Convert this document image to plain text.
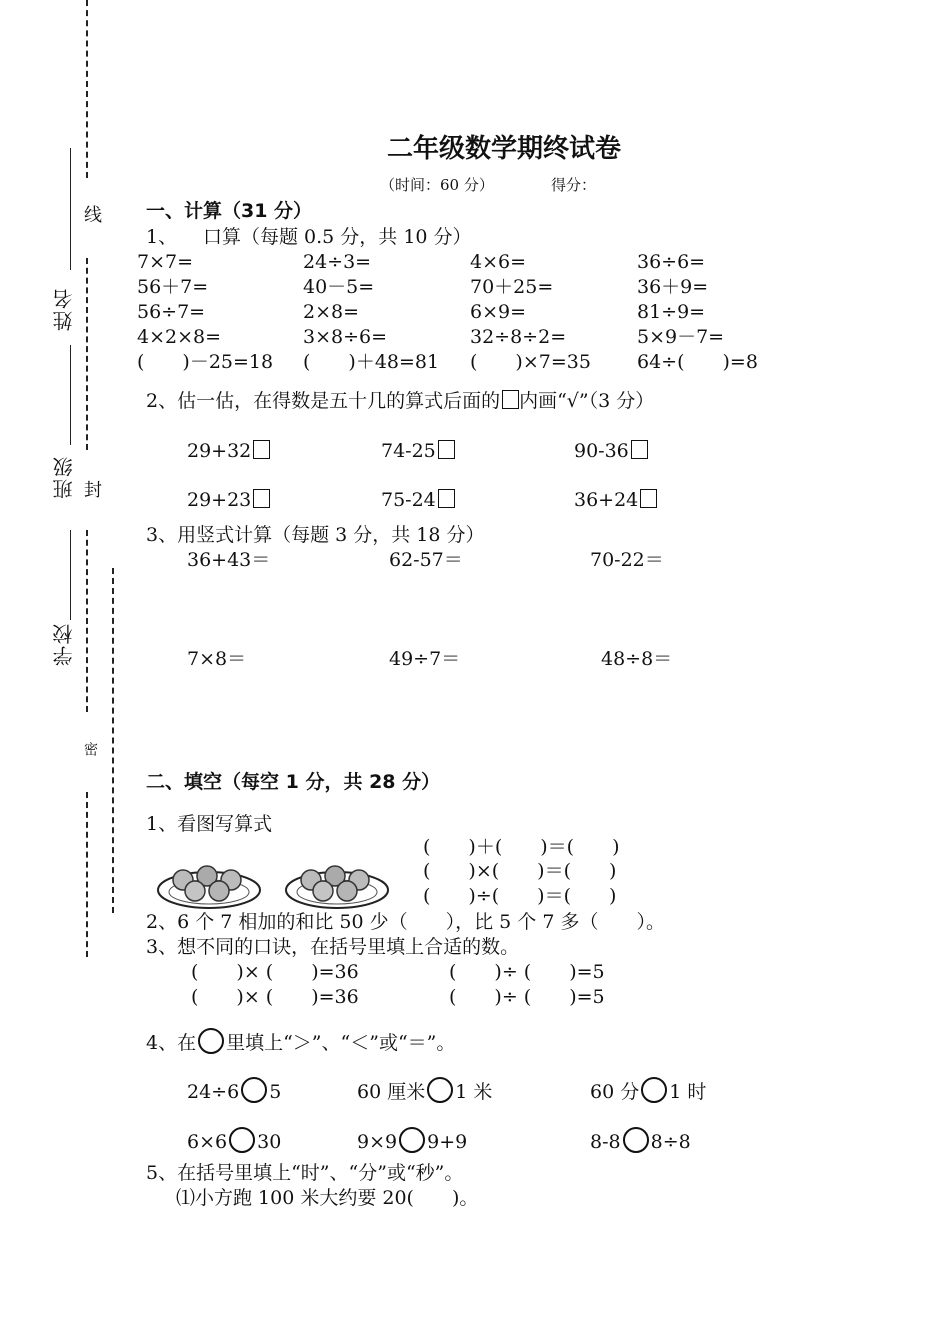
姓名
班级
学校
线
封
密
二年级数学期终试卷
（时间：60 分）	得分：
一、计算（31 分）
1、 口算（每题 0.5 分，共 10 分）
7×7=	24÷3=	4×6=	36÷6=
56＋7=	40－5=	70＋25=	36＋9=
56÷7=	2×8=	6×9=	81÷9=
4×2×8=	3×8÷6=	32÷8÷2=	5×9－7=
(　　)－25=18 (　　)＋48=81 (　　)×7=35 64÷(　　)=8
2、估一估，在得数是五十几的算式后面的 内画“√”（3 分）
29+32	74-25	90-36
29+23	75-24	36+24
3、用竖式计算（每题 3 分，共 18 分）
36+43＝	62-57＝	70-22＝
7×8＝	49÷7＝	48÷8＝
二、填空（每空 1 分，共 28 分）
1、看图写算式
(　　)＋(　　)＝(　　)
(　　)×(　　)＝(　　)
(　　)÷(　　)＝(　　)
2、6 个 7 相加的和比 50 少（　　），比 5 个 7 多（　　）。
3、想不同的口诀，在括号里填上合适的数。
(　　)× (　　)=36	(　　)÷ (　　)=5
(　　)× (　　)=36	(　　)÷ (　　)=5
4、在 里填上“＞”、“＜”或“＝”。
24÷6 5	60 厘米 1 米	60 分 1 时
6×6 30	9×9 9+9	8-8 8÷8
5、在括号里填上“时”、“分”或“秒”。
⑴小方跑 100 米大约要 20(　　)。
